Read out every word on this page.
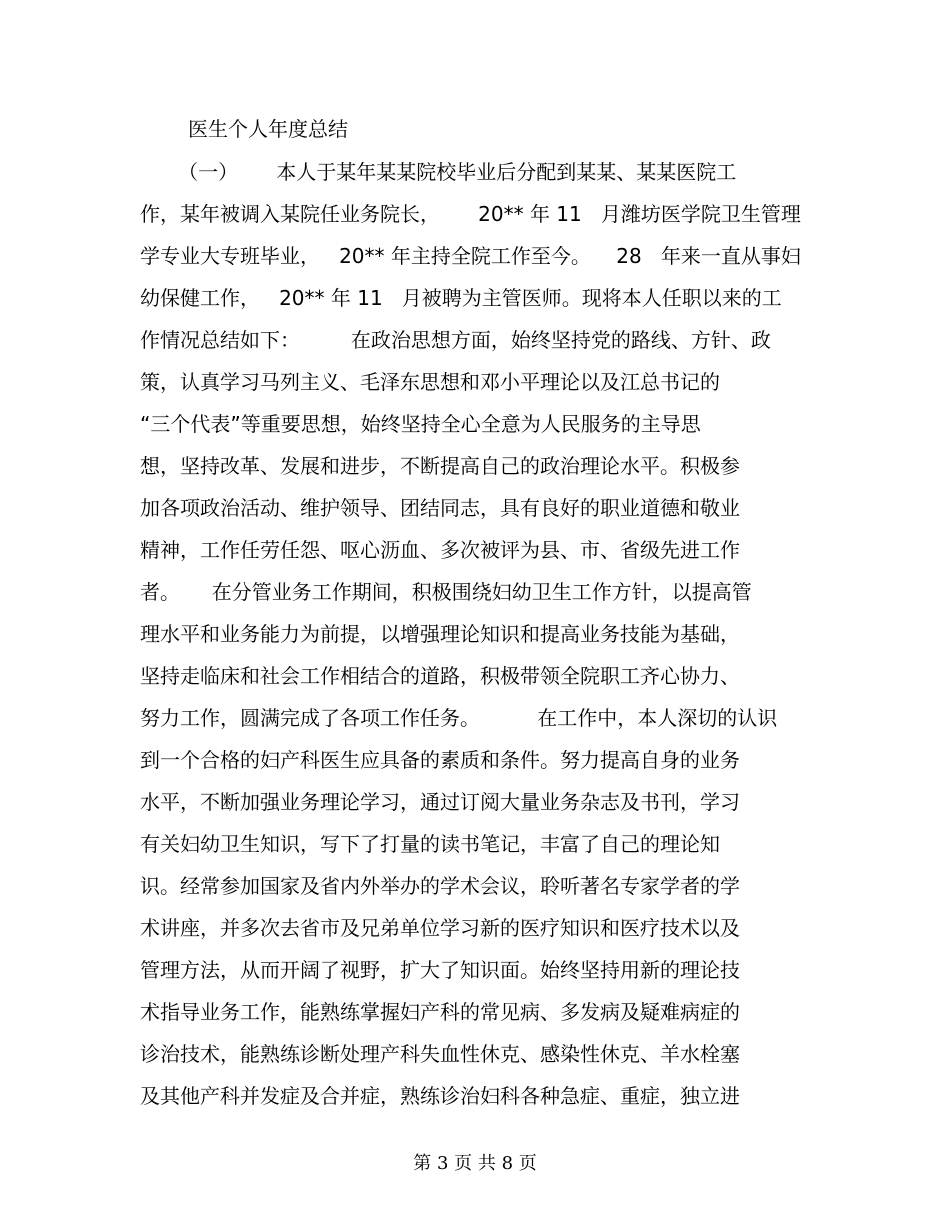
医生个人年度总结
（一）      本人于某年某某院校毕业后分配到某某、某某医院工
作，某年被调入某院任业务院长，      20** 年 11   月潍坊医学院卫生管理
学专业大专班毕业，   20** 年主持全院工作至今。    28   年来一直从事妇
幼保健工作，   20** 年 11   月被聘为主管医师。现将本人任职以来的工
作情况总结如下：        在政治思想方面，始终坚持党的路线、方针、政
策，认真学习马列主义、毛泽东思想和邓小平理论以及江总书记的
“三个代表”等重要思想，始终坚持全心全意为人民服务的主导思
想，坚持改革、发展和进步，不断提高自己的政治理论水平。积极参
加各项政治活动、维护领导、团结同志，具有良好的职业道德和敬业
精神，工作任劳任怨、呕心沥血、多次被评为县、市、省级先进工作
者。     在分管业务工作期间，积极围绕妇幼卫生工作方针，以提高管
理水平和业务能力为前提，以增强理论知识和提高业务技能为基础，
坚持走临床和社会工作相结合的道路，积极带领全院职工齐心协力、
努力工作，圆满完成了各项工作任务。         在工作中，本人深切的认识
到一个合格的妇产科医生应具备的素质和条件。努力提高自身的业务
水平，不断加强业务理论学习，通过订阅大量业务杂志及书刊，学习
有关妇幼卫生知识，写下了打量的读书笔记，丰富了自己的理论知
识。经常参加国家及省内外举办的学术会议，聆听著名专家学者的学
术讲座，并多次去省市及兄弟单位学习新的医疗知识和医疗技术以及
管理方法，从而开阔了视野，扩大了知识面。始终坚持用新的理论技
术指导业务工作，能熟练掌握妇产科的常见病、多发病及疑难病症的
诊治技术，能熟练诊断处理产科失血性休克、感染性休克、羊水栓塞
及其他产科并发症及合并症，熟练诊治妇科各种急症、重症，独立进
第 3 页 共 8 页
